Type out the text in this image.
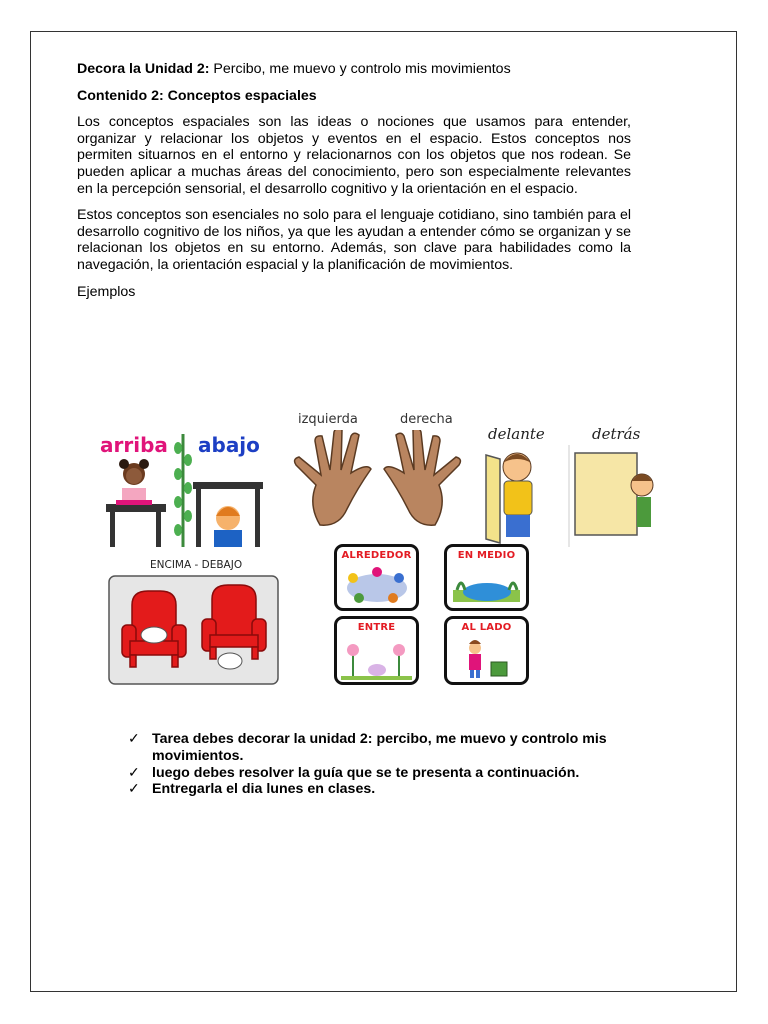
Decora la Unidad 2: Percibo, me muevo y controlo mis movimientos

Contenido 2: Conceptos espaciales

Los conceptos espaciales son las ideas o nociones que usamos para entender, organizar y relacionar los objetos y eventos en el espacio. Estos conceptos nos permiten situarnos en el entorno y relacionarnos con los objetos que nos rodean. Se pueden aplicar a muchas áreas del conocimiento, pero son especialmente relevantes en la percepción sensorial, el desarrollo cognitivo y la orientación en el espacio.

Estos conceptos son esenciales no solo para el lenguaje cotidiano, sino también para el desarrollo cognitivo de los niños, ya que les ayudan a entender cómo se organizan y se relacionan los objetos en su entorno. Además, son clave para habilidades como la navegación, la orientación espacial y la planificación de movimientos.

Ejemplos

arriba abajo
izquierda	derecha
delante	detrás
ENCIMA - DEBAJO
ALREDEDOR	EN MEDIO
ENTRE	AL LADO
✓ Tarea debes decorar la unidad 2: percibo, me muevo y controlo mis movimientos.
✓ luego debes resolver la guía que se te presenta a continuación.
✓ Entregarla el dia lunes en clases.
